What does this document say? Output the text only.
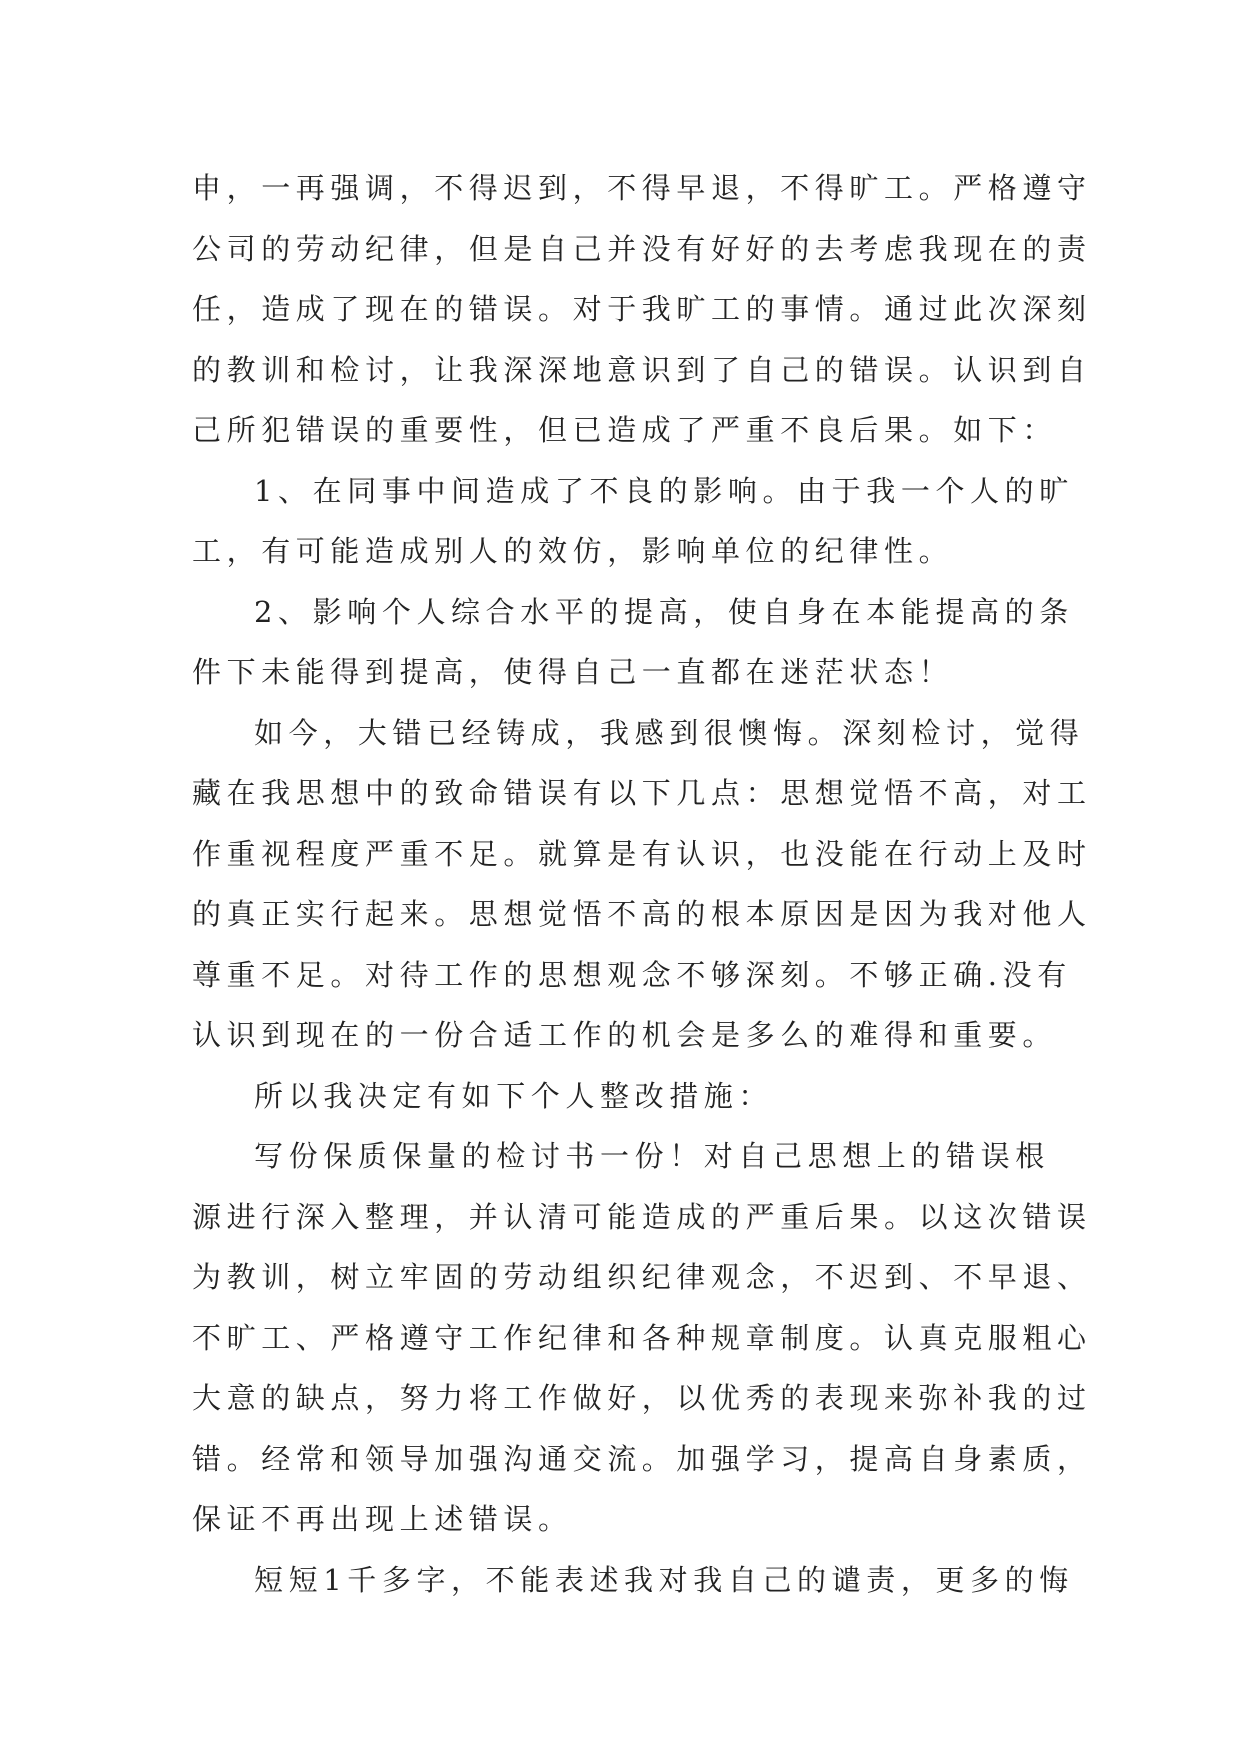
申，一再强调，不得迟到，不得早退，不得旷工。严格遵守
公司的劳动纪律，但是自己并没有好好的去考虑我现在的责
任，造成了现在的错误。对于我旷工的事情。通过此次深刻
的教训和检讨，让我深深地意识到了自己的错误。认识到自
己所犯错误的重要性，但已造成了严重不良后果。如下：
1、在同事中间造成了不良的影响。由于我一个人的旷
工，有可能造成别人的效仿，影响单位的纪律性。
2、影响个人综合水平的提高，使自身在本能提高的条
件下未能得到提高，使得自己一直都在迷茫状态！
如今，大错已经铸成，我感到很懊悔。深刻检讨，觉得
藏在我思想中的致命错误有以下几点：思想觉悟不高，对工
作重视程度严重不足。就算是有认识，也没能在行动上及时
的真正实行起来。思想觉悟不高的根本原因是因为我对他人
尊重不足。对待工作的思想观念不够深刻。不够正确.没有
认识到现在的一份合适工作的机会是多么的难得和重要。
所以我决定有如下个人整改措施：
写份保质保量的检讨书一份！对自己思想上的错误根
源进行深入整理，并认清可能造成的严重后果。以这次错误
为教训，树立牢固的劳动组织纪律观念，不迟到、不早退、
不旷工、严格遵守工作纪律和各种规章制度。认真克服粗心
大意的缺点，努力将工作做好，以优秀的表现来弥补我的过
错。经常和领导加强沟通交流。加强学习，提高自身素质，
保证不再出现上述错误。
短短1千多字，不能表述我对我自己的谴责，更多的悔
